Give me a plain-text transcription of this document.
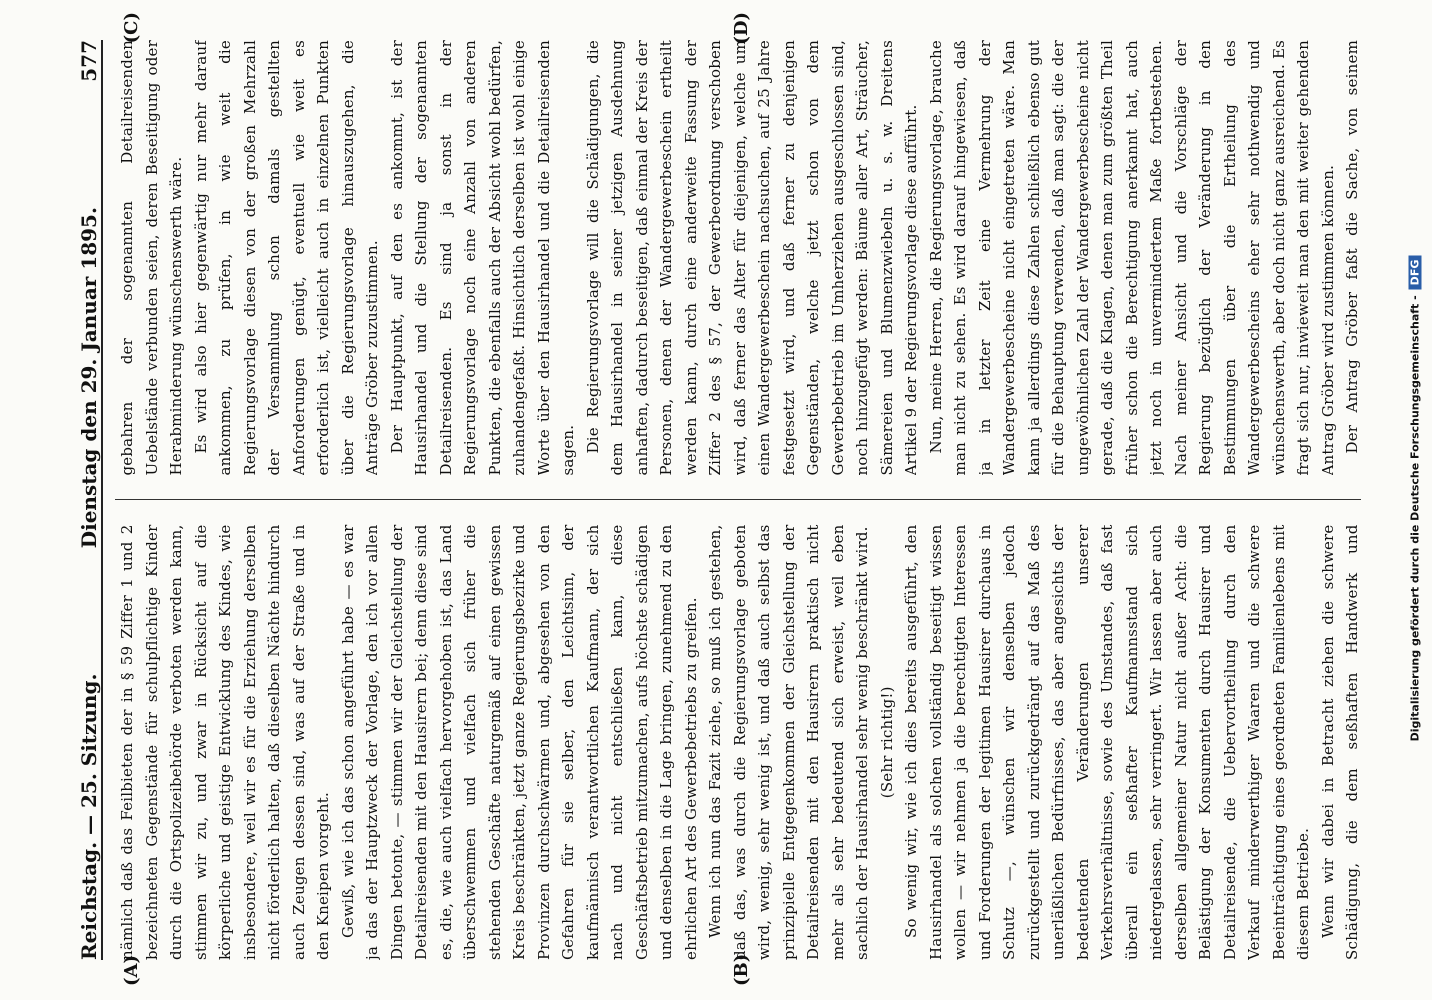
Reichstag. — 25. Sitzung.
Dienstag den 29. Januar 1895.
577

nämlich daß das Feilbieten der in § 59 Ziffer 1 und 2 bezeichneten Gegenstände für schulpflichtige Kinder durch die Ortspolizeibehörde verboten werden kann, stimmen wir zu, und zwar in Rücksicht auf die körperliche und geistige Entwicklung des Kindes, wie insbesondere, weil wir es für die Erziehung derselben nicht förderlich halten, daß dieselben Nächte hindurch auch Zeugen dessen sind, was auf der Straße und in den Kneipen vorgeht. Gewiß, wie ich das schon angeführt habe — es war ja das der Hauptzweck der Vorlage, den ich vor allen Dingen betonte, — stimmen wir der Gleichstellung der Detailreisenden mit den Hausirern bei; denn diese sind es, die, wie auch vielfach hervorgehoben ist, das Land überschwemmen und vielfach sich früher die stehenden Geschäfte naturgemäß auf einen gewissen Kreis beschränkten, jetzt ganze Regierungsbezirke und Provinzen durchschwärmen und, abgesehen von den Gefahren für sie selber, den Leichtsinn, der kaufmännisch verantwortlichen Kaufmann, der sich nach und nicht entschließen kann, diese Geschäftsbetrieb mitzumachen, aufs höchste schädigen und denselben in die Lage bringen, zunehmend zu den ehrlichen Art des Gewerbebetriebs zu greifen. Wenn ich nun das Fazit ziehe, so muß ich gestehen, daß das, was durch die Regierungsvorlage geboten wird, wenig, sehr wenig ist, und daß auch selbst das prinzipielle Entgegenkommen der Gleichstellung der Detailreisenden mit den Hausirern praktisch nicht mehr als sehr bedeutend sich erweist, weil eben sachlich der Hausirhandel sehr wenig beschränkt wird. (Sehr richtig!) So wenig wir, wie ich dies bereits ausgeführt, den Hausirhandel als solchen vollständig beseitigt wissen wollen — wir nehmen ja die berechtigten Interessen und Forderungen der legitimen Hausirer durchaus in Schutz —, wünschen wir denselben jedoch zurückgestellt und zurückgedrängt auf das Maß des unerläßlichen Bedürfnisses, das aber angesichts der bedeutenden Veränderungen unserer Verkehrsverhältnisse, sowie des Umstandes, daß fast überall ein seßhafter Kaufmannsstand sich niedergelassen, sehr verringert. Wir lassen aber auch derselben allgemeiner Natur nicht außer Acht: die Belästigung der Konsumenten durch Hausirer und Detailreisende, die Uebervortheilung durch den Verkauf minderwerthiger Waaren und die schwere Beeinträchtigung eines geordneten Familienlebens mit diesem Betriebe. Wenn wir dabei in Betracht ziehen die schwere Schädigung, die dem seßhaften Handwerk und

gebahren der sogenannten Detailreisenden Uebelstände verbunden seien, deren Beseitigung oder Herabminderung wünschenswerth wäre. Es wird also hier gegenwärtig nur mehr darauf ankommen, zu prüfen, in wie weit die Regierungsvorlage diesen von der großen Mehrzahl der Versammlung schon damals gestellten Anforderungen genügt, eventuell wie weit es erforderlich ist, vielleicht auch in einzelnen Punkten über die Regierungsvorlage hinauszugehen, die Anträge Gröber zuzustimmen. Der Hauptpunkt, auf den es ankommt, ist der Hausirhandel und die Stellung der sogenannten Detailreisenden. Es sind ja sonst in der Regierungsvorlage noch eine Anzahl von anderen Punkten, die ebenfalls auch der Absicht wohl bedürfen, zuhandengefaßt. Hinsichtlich derselben ist wohl einige Worte über den Hausirhandel und die Detailreisenden sagen. Die Regierungsvorlage will die Schädigungen, die dem Hausirhandel in seiner jetzigen Ausdehnung anhaften, dadurch beseitigen, daß einmal der Kreis der Personen, denen der Wandergewerbeschein ertheilt werden kann, durch eine anderweite Fassung der Ziffer 2 des § 57, der Gewerbeordnung verschoben wird, daß ferner das Alter für diejenigen, welche um einen Wandergewerbeschein nachsuchen, auf 25 Jahre festgesetzt wird, und daß ferner zu denjenigen Gegenständen, welche jetzt schon von dem Gewerbebetrieb im Umherziehen ausgeschlossen sind, noch hinzugefügt werden: Bäume aller Art, Sträucher, Sämereien und Blumenzwiebeln u. s. w. Dreitens Artikel 9 der Regierungsvorlage diese aufführt. Nun, meine Herren, die Regierungsvorlage, brauche man nicht zu sehen. Es wird darauf hingewiesen, daß ja in letzter Zeit eine Vermehrung der Wandergewerbescheine nicht eingetreten wäre. Man kann ja allerdings diese Zahlen schließlich ebenso gut für die Behauptung verwenden, daß man sagt: die der ungewöhnlichen Zahl der Wandergewerbescheine nicht gerade, daß die Klagen, denen man zum größten Theil früher schon die Berechtigung anerkannt hat, auch jetzt noch in unvermindertem Maße fortbestehen. Nach meiner Ansicht und die Vorschläge der Regierung bezüglich der Veränderung in den Bestimmungen über die Ertheilung des Wandergewerbescheins eher sehr nothwendig und wünschenswerth, aber doch nicht ganz ausreichend. Es fragt sich nur, inwieweit man den mit weiter gehenden Antrag Gröber wird zustimmen können. Der Antrag Gröber faßt die Sache, von seinem

(A)	(B)
(C)	(D)
Digitalisierung gefördert durch die Deutsche Forschungsgemeinschaft -DFG
